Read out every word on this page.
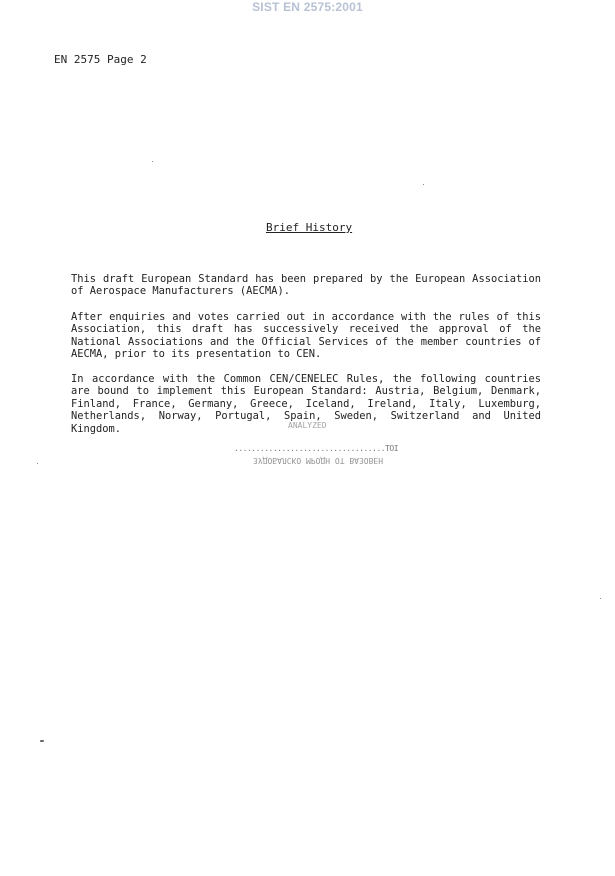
SIST EN 2575:2001
EN 2575 Page 2
Brief History
This draft European Standard has been prepared by the European Association of Aerospace Manufacturers (AECMA).
After enquiries and votes carried out in accordance with the rules of this Association, this draft has successively received the approval of the National Associations and the Official Services of the member countries of AECMA, prior to its presentation to CEN.
In accordance with the Common CEN/CENELEC Rules, the following countries are bound to implement this European Standard: Austria, Belgium, Denmark, Finland, France, Germany, Greece, Iceland, Ireland, Italy, Luxemburg, Netherlands, Norway, Portugal, Spain, Sweden, Switzerland and United Kingdom.	ANALYZED
...................................TOI
ЗУДОБАЛСКО МРОДН ОТ ВАЗОВЕН
